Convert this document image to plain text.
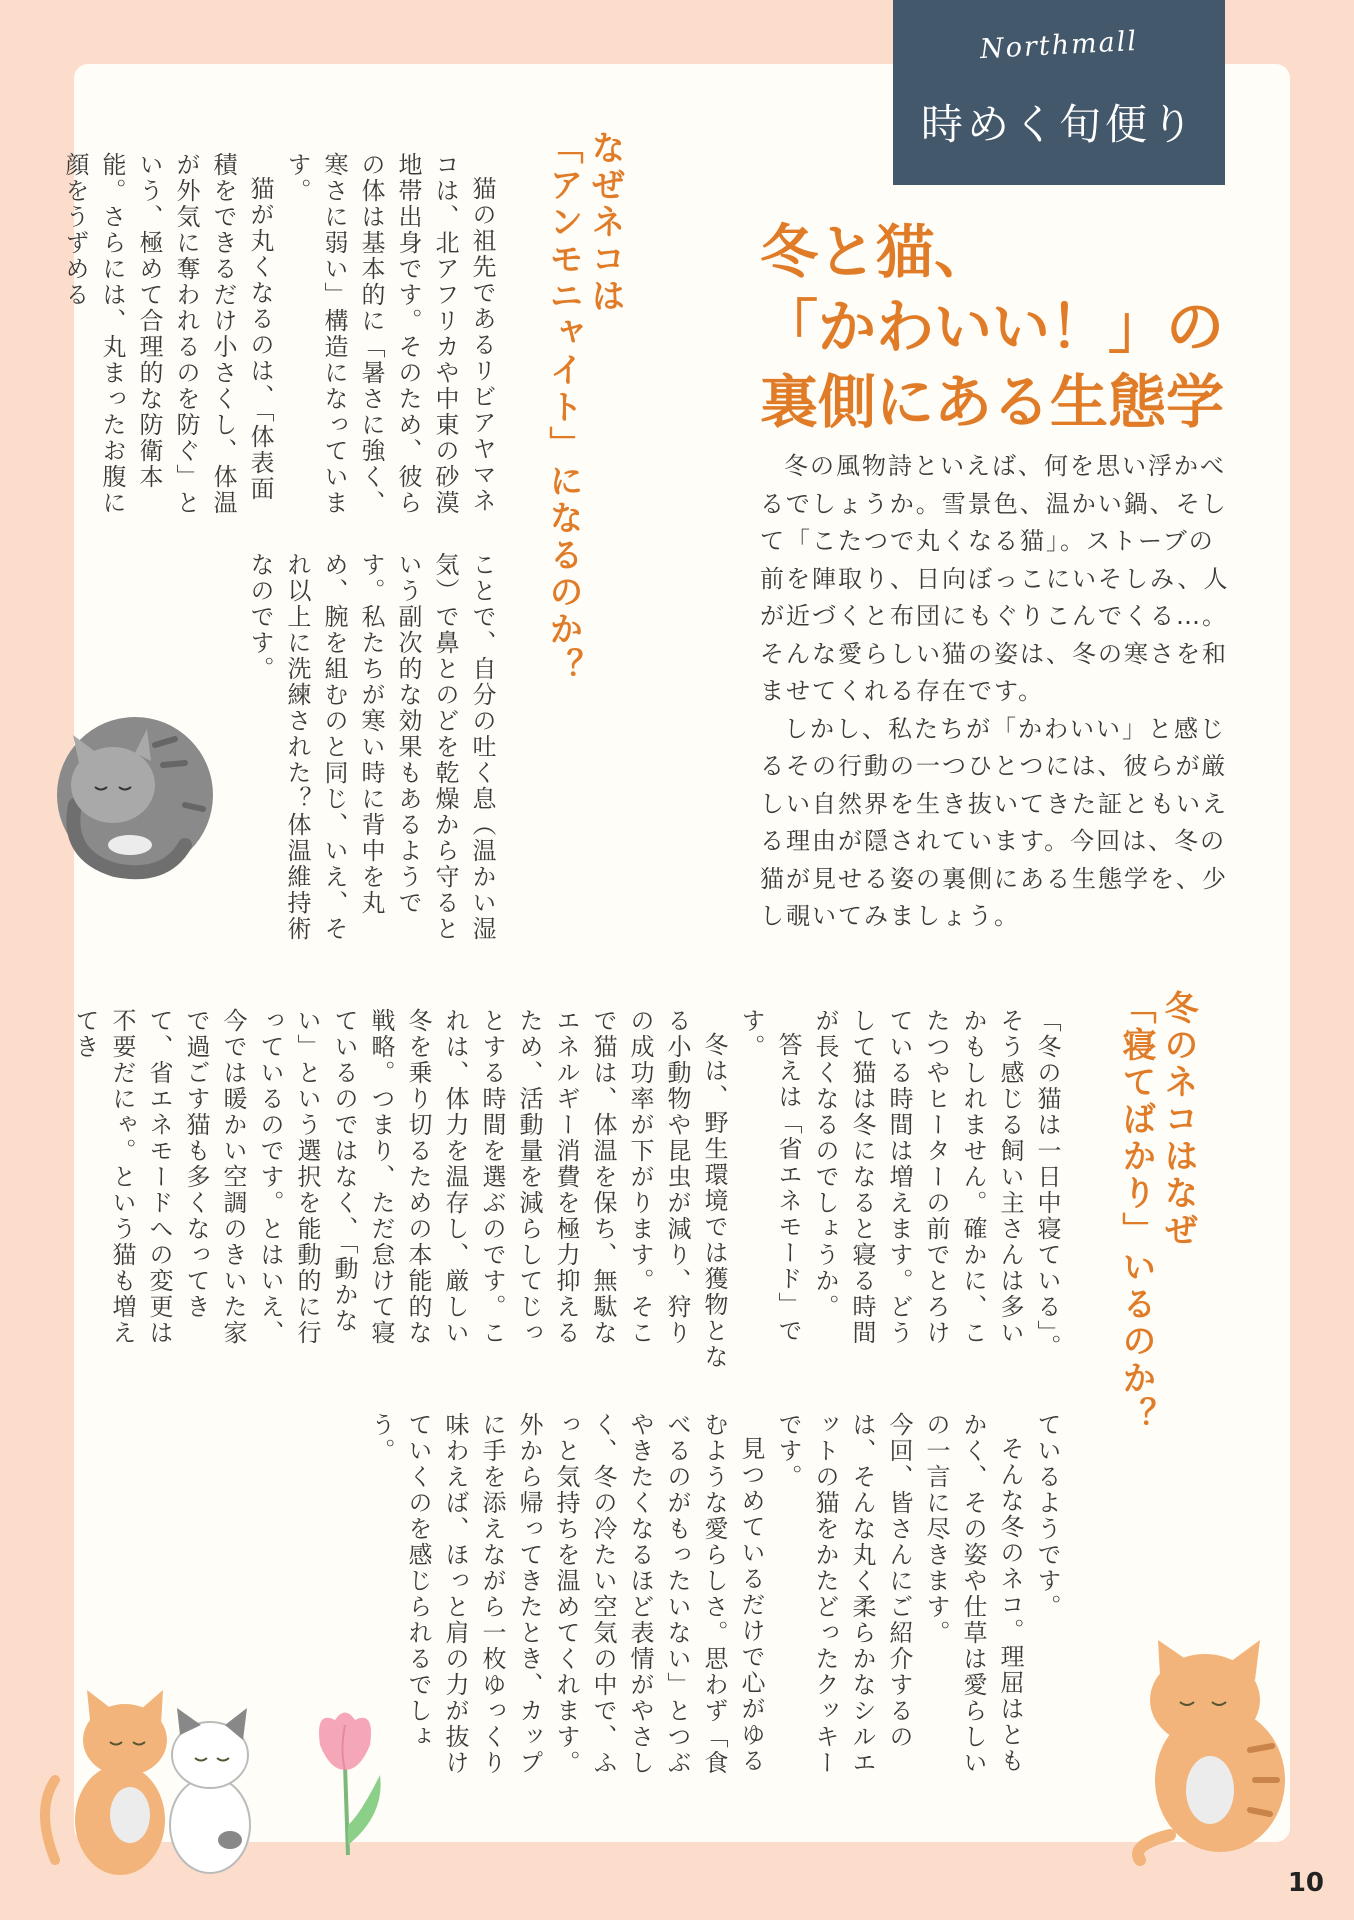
Northmall
時めく旬便り
冬と猫、
「かわいい！」の
裏側にある生態学

冬の風物詩といえば、何を思い浮かべるでしょうか。雪景色、温かい鍋、そして「こたつで丸くなる猫」。ストーブの前を陣取り、日向ぼっこにいそしみ、人が近づくと布団にもぐりこんでくる…。そんな愛らしい猫の姿は、冬の寒さを和ませてくれる存在です。

しかし、私たちが「かわいい」と感じるその行動の一つひとつには、彼らが厳しい自然界を生き抜いてきた証ともいえる理由が隠されています。今回は、冬の猫が見せる姿の裏側にある生態学を、少し覗いてみましょう。

なぜネコは
「アンモニャイト」になるのか？

猫の祖先であるリビアヤマネコは、北アフリカや中東の砂漠地帯出身です。そのため、彼らの体は基本的に「暑さに強く、寒さに弱い」構造になっています。

猫が丸くなるのは、「体表面積をできるだけ小さくし、体温が外気に奪われるのを防ぐ」という、極めて合理的な防衛本能。さらには、丸まったお腹に顔をうずめる

ことで、自分の吐く息（温かい湿気）で鼻とのどを乾燥から守るという副次的な効果もあるようです。私たちが寒い時に背中を丸め、腕を組むのと同じ、いえ、それ以上に洗練された？体温維持術なのです。

冬のネコはなぜ
「寝てばかり」いるのか？

「冬の猫は一日中寝ている」。そう感じる飼い主さんは多いかもしれません。確かに、こたつやヒーターの前でとろけている時間は増えます。どうして猫は冬になると寝る時間が長くなるのでしょうか。

答えは「省エネモード」です。

冬は、野生環境では獲物となる小動物や昆虫が減り、狩りの成功率が下がります。そこで猫は、体温を保ち、無駄なエネルギー消費を極力抑えるため、活動量を減らしてじっとする時間を選ぶのです。これは、体力を温存し、厳しい冬を乗り切るための本能的な戦略。つまり、ただ怠けて寝ているのではなく、「動かない」という選択を能動的に行っているのです。とはいえ、今では暖かい空調のきいた家で過ごす猫も多くなってきて、省エネモードへの変更は不要だにゃ。という猫も増えてき

ているようです。

そんな冬のネコ。理屈はともかく、その姿や仕草は愛らしいの一言に尽きます。

今回、皆さんにご紹介するのは、そんな丸く柔らかなシルエットの猫をかたどったクッキーです。

見つめているだけで心がゆるむような愛らしさ。思わず「食べるのがもったいない」とつぶやきたくなるほど表情がやさしく、冬の冷たい空気の中で、ふっと気持ちを温めてくれます。外から帰ってきたとき、カップに手を添えながら一枚ゆっくり味わえば、ほっと肩の力が抜けていくのを感じられるでしょう。

10
